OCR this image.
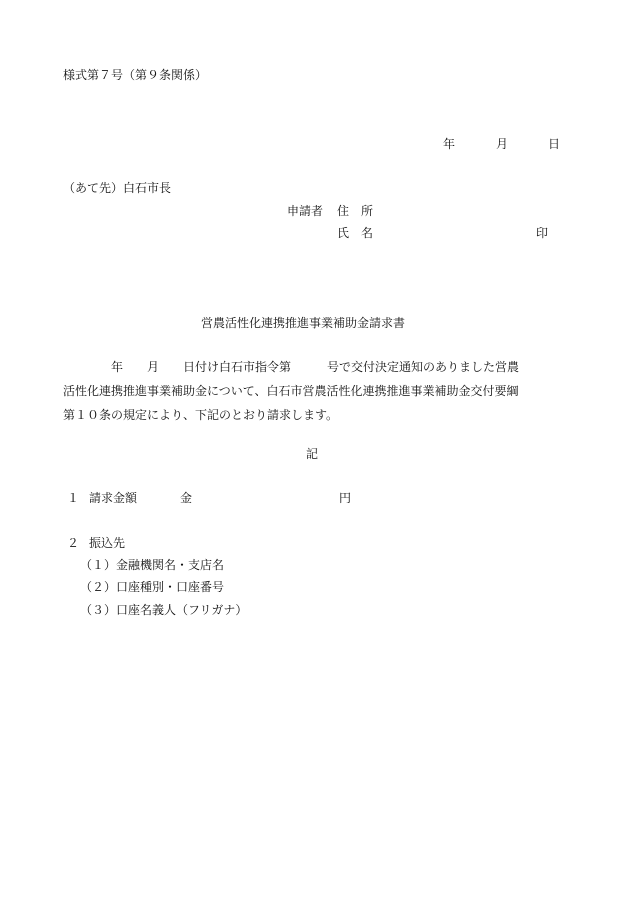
様式第７号（第９条関係）
年	月	日
（あて先）白石市長
申請者 住　所
氏　名	印
営農活性化連携推進事業補助金請求書
　　　　年　　月　　日付け白石市指令第　　　号で交付決定通知のありました営農
活性化連携推進事業補助金について、白石市営農活性化連携推進事業補助金交付要綱
第１０条の規定により、下記のとおり請求します。
記
１ 請求金額	金	円
２ 振込先
（１）金融機関名・支店名
（２）口座種別・口座番号
（３）口座名義人（フリガナ）
